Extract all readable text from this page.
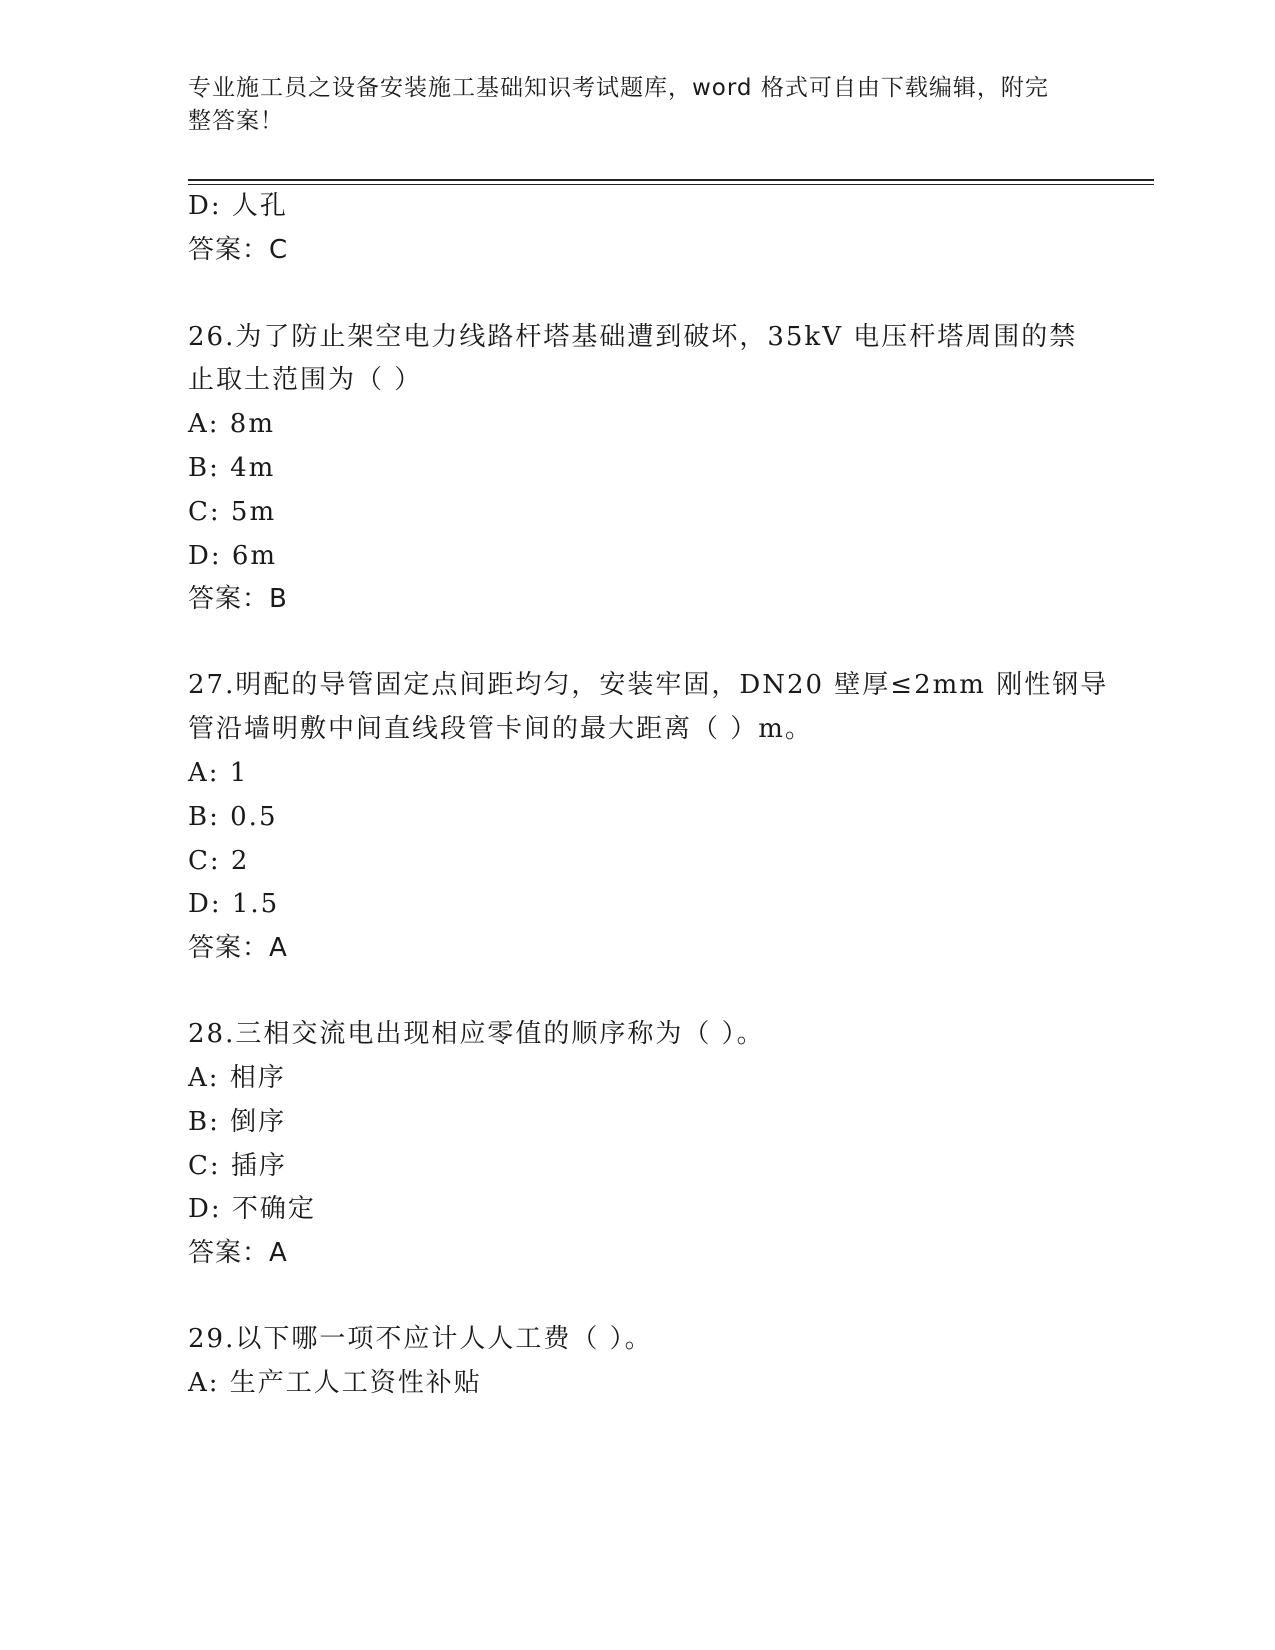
专业施工员之设备安装施工基础知识考试题库，word 格式可自由下载编辑，附完
整答案！
D: 人孔
答案：C
26.为了防止架空电力线路杆塔基础遭到破坏，35kV 电压杆塔周围的禁
止取土范围为（ ）
A: 8m
B: 4m
C: 5m
D: 6m
答案：B
27.明配的导管固定点间距均匀，安装牢固，DN20 壁厚≤2mm 刚性钢导
管沿墙明敷中间直线段管卡间的最大距离（ ）m。
A: 1
B: 0.5
C: 2
D: 1.5
答案：A
28.三相交流电出现相应零值的顺序称为（ ）。
A: 相序
B: 倒序
C: 插序
D: 不确定
答案：A
29.以下哪一项不应计人人工费（ ）。
A: 生产工人工资性补贴
